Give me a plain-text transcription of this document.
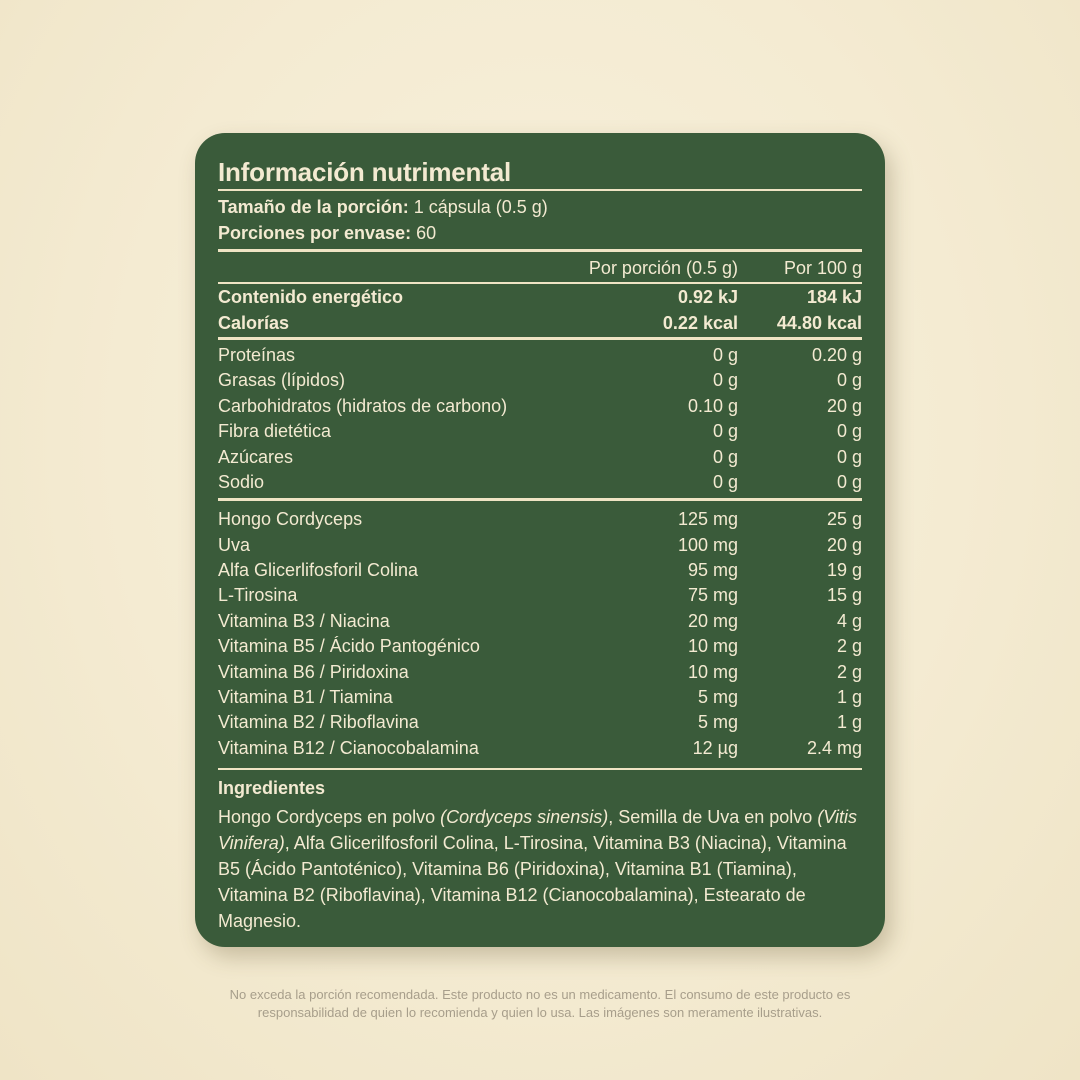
Información nutrimental
Tamaño de la porción: 1 cápsula (0.5 g)
Porciones por envase: 60
Por porción (0.5 g)	Por 100 g
Contenido energético	0.92 kJ	184 kJ
Calorías	0.22 kcal	44.80 kcal
Proteínas	0 g	0.20 g
Grasas (lípidos)	0 g	0 g
Carbohidratos (hidratos de carbono)	0.10 g	20 g
Fibra dietética	0 g	0 g
Azúcares	0 g	0 g
Sodio	0 g	0 g
Hongo Cordyceps	125 mg	25 g
Uva	100 mg	20 g
Alfa Glicerlifosforil Colina	95 mg	19 g
L-Tirosina	75 mg	15 g
Vitamina B3 / Niacina	20 mg	4 g
Vitamina B5 / Ácido Pantogénico	10 mg	2 g
Vitamina B6 / Piridoxina	10 mg	2 g
Vitamina B1 / Tiamina	5 mg	1 g
Vitamina B2 / Riboflavina	5 mg	1 g
Vitamina B12 / Cianocobalamina	12 µg	2.4 mg
Ingredientes
Hongo Cordyceps en polvo (Cordyceps sinensis), Semilla de Uva en polvo (Vitis Vinifera), Alfa Glicerilfosforil Colina, L-Tirosina, Vitamina B3 (Niacina), Vitamina B5 (Ácido Pantoténico), Vitamina B6 (Piridoxina), Vitamina B1 (Tiamina), Vitamina B2 (Riboflavina), Vitamina B12 (Cianocobalamina), Estearato de Magnesio.
No exceda la porción recomendada. Este producto no es un medicamento. El consumo de este producto es
responsabilidad de quien lo recomienda y quien lo usa. Las imágenes son meramente ilustrativas.
